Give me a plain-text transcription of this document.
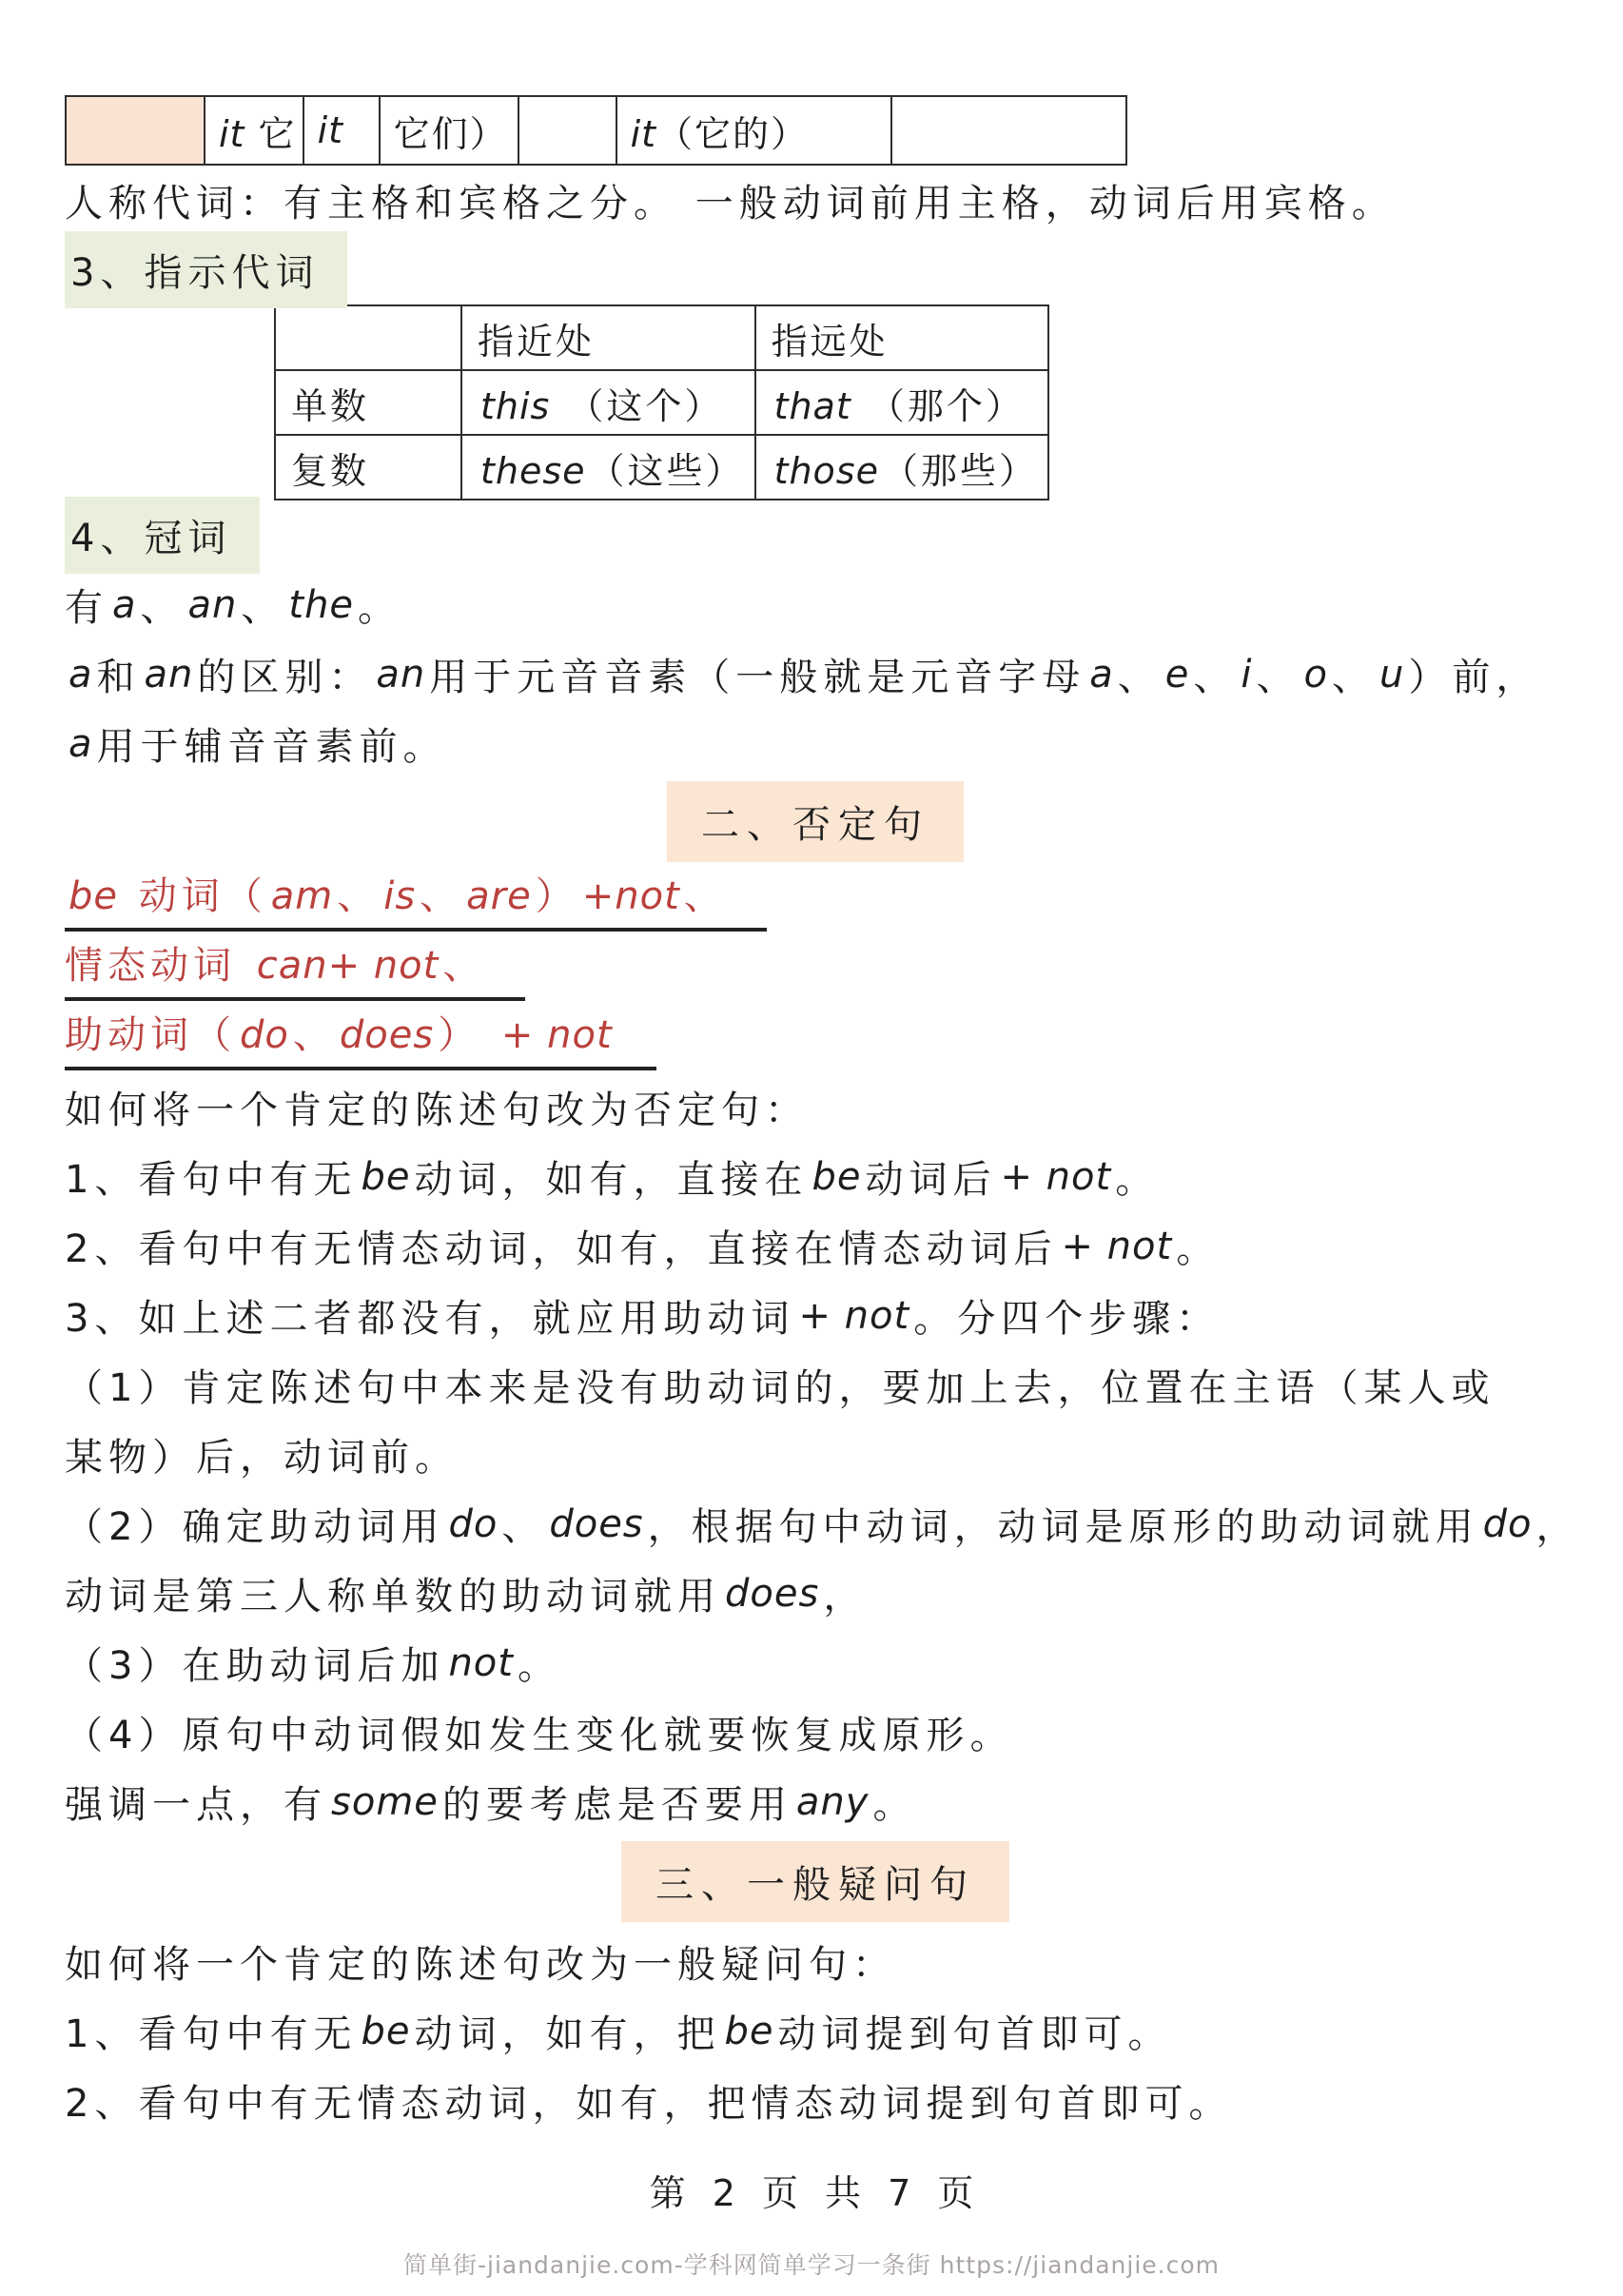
	it 它	it	它们）		it（它的）	
人称代词：有主格和宾格之分。 一般动词前用主格，动词后用宾格。
3、指示代词
	指近处	指远处
单数	this （这个）	that （那个）
复数	these（这些）	those（那些）
4、冠词
有 a 、 an 、 the 。
a 和 an 的区别： an 用于元音音素（一般就是元音字母 a 、 e 、 i 、 o 、 u ）前，
a 用于辅音音素前。
二、否定句
be 动词（ am 、 is 、 are ） +not 、
情态动词 can+ not 、
助动词（ do 、 does ） + not
如何将一个肯定的陈述句改为否定句：
1、看句中有无 be 动词，如有，直接在 be 动词后 + not 。
2、看句中有无情态动词，如有，直接在情态动词后 + not 。
3、如上述二者都没有，就应用助动词 + not 。分四个步骤：
（1）肯定陈述句中本来是没有助动词的，要加上去，位置在主语（某人或
某物）后，动词前。
（2）确定助动词用 do 、 does ，根据句中动词，动词是原形的助动词就用 do ，
动词是第三人称单数的助动词就用 does ，
（3）在助动词后加 not 。
（4）原句中动词假如发生变化就要恢复成原形。
强调一点，有 some 的要考虑是否要用 any 。
三、一般疑问句
如何将一个肯定的陈述句改为一般疑问句：
1、看句中有无 be 动词，如有，把 be 动词提到句首即可。
2、看句中有无情态动词，如有，把情态动词提到句首即可。
第 2 页 共 7 页
简单街-jiandanjie.com-学科网简单学习一条街 https://jiandanjie.com
